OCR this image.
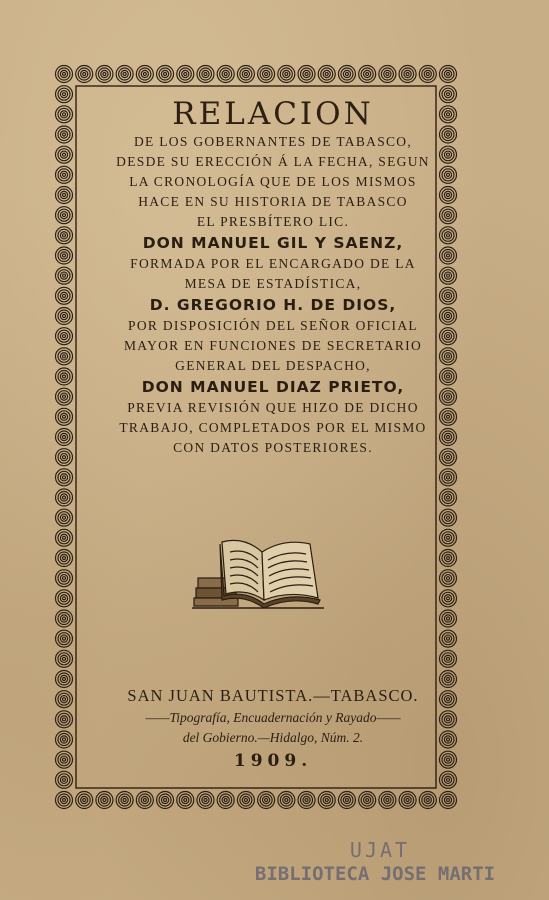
RELACION
DE LOS GOBERNANTES DE TABASCO,
DESDE SU ERECCIÓN Á LA FECHA, SEGUN
LA CRONOLOGÍA QUE DE LOS MISMOS
HACE EN SU HISTORIA DE TABASCO
EL PRESBÍTERO LIC.
DON MANUEL GIL Y SAENZ,
FORMADA POR EL ENCARGADO DE LA
MESA DE ESTADÍSTICA,
D. GREGORIO H. DE DIOS,
POR DISPOSICIÓN DEL SEÑOR OFICIAL
MAYOR EN FUNCIONES DE SECRETARIO
GENERAL DEL DESPACHO,
DON MANUEL DIAZ PRIETO,
PREVIA REVISIÓN QUE HIZO DE DICHO
TRABAJO, COMPLETADOS POR EL MISMO
CON DATOS POSTERIORES.
SAN JUAN BAUTISTA.—TABASCO.
——Tipografía, Encuadernación y Rayado——
del Gobierno.—Hidalgo, Núm. 2.
1909.
UJAT
BIBLIOTECA JOSE MARTI
